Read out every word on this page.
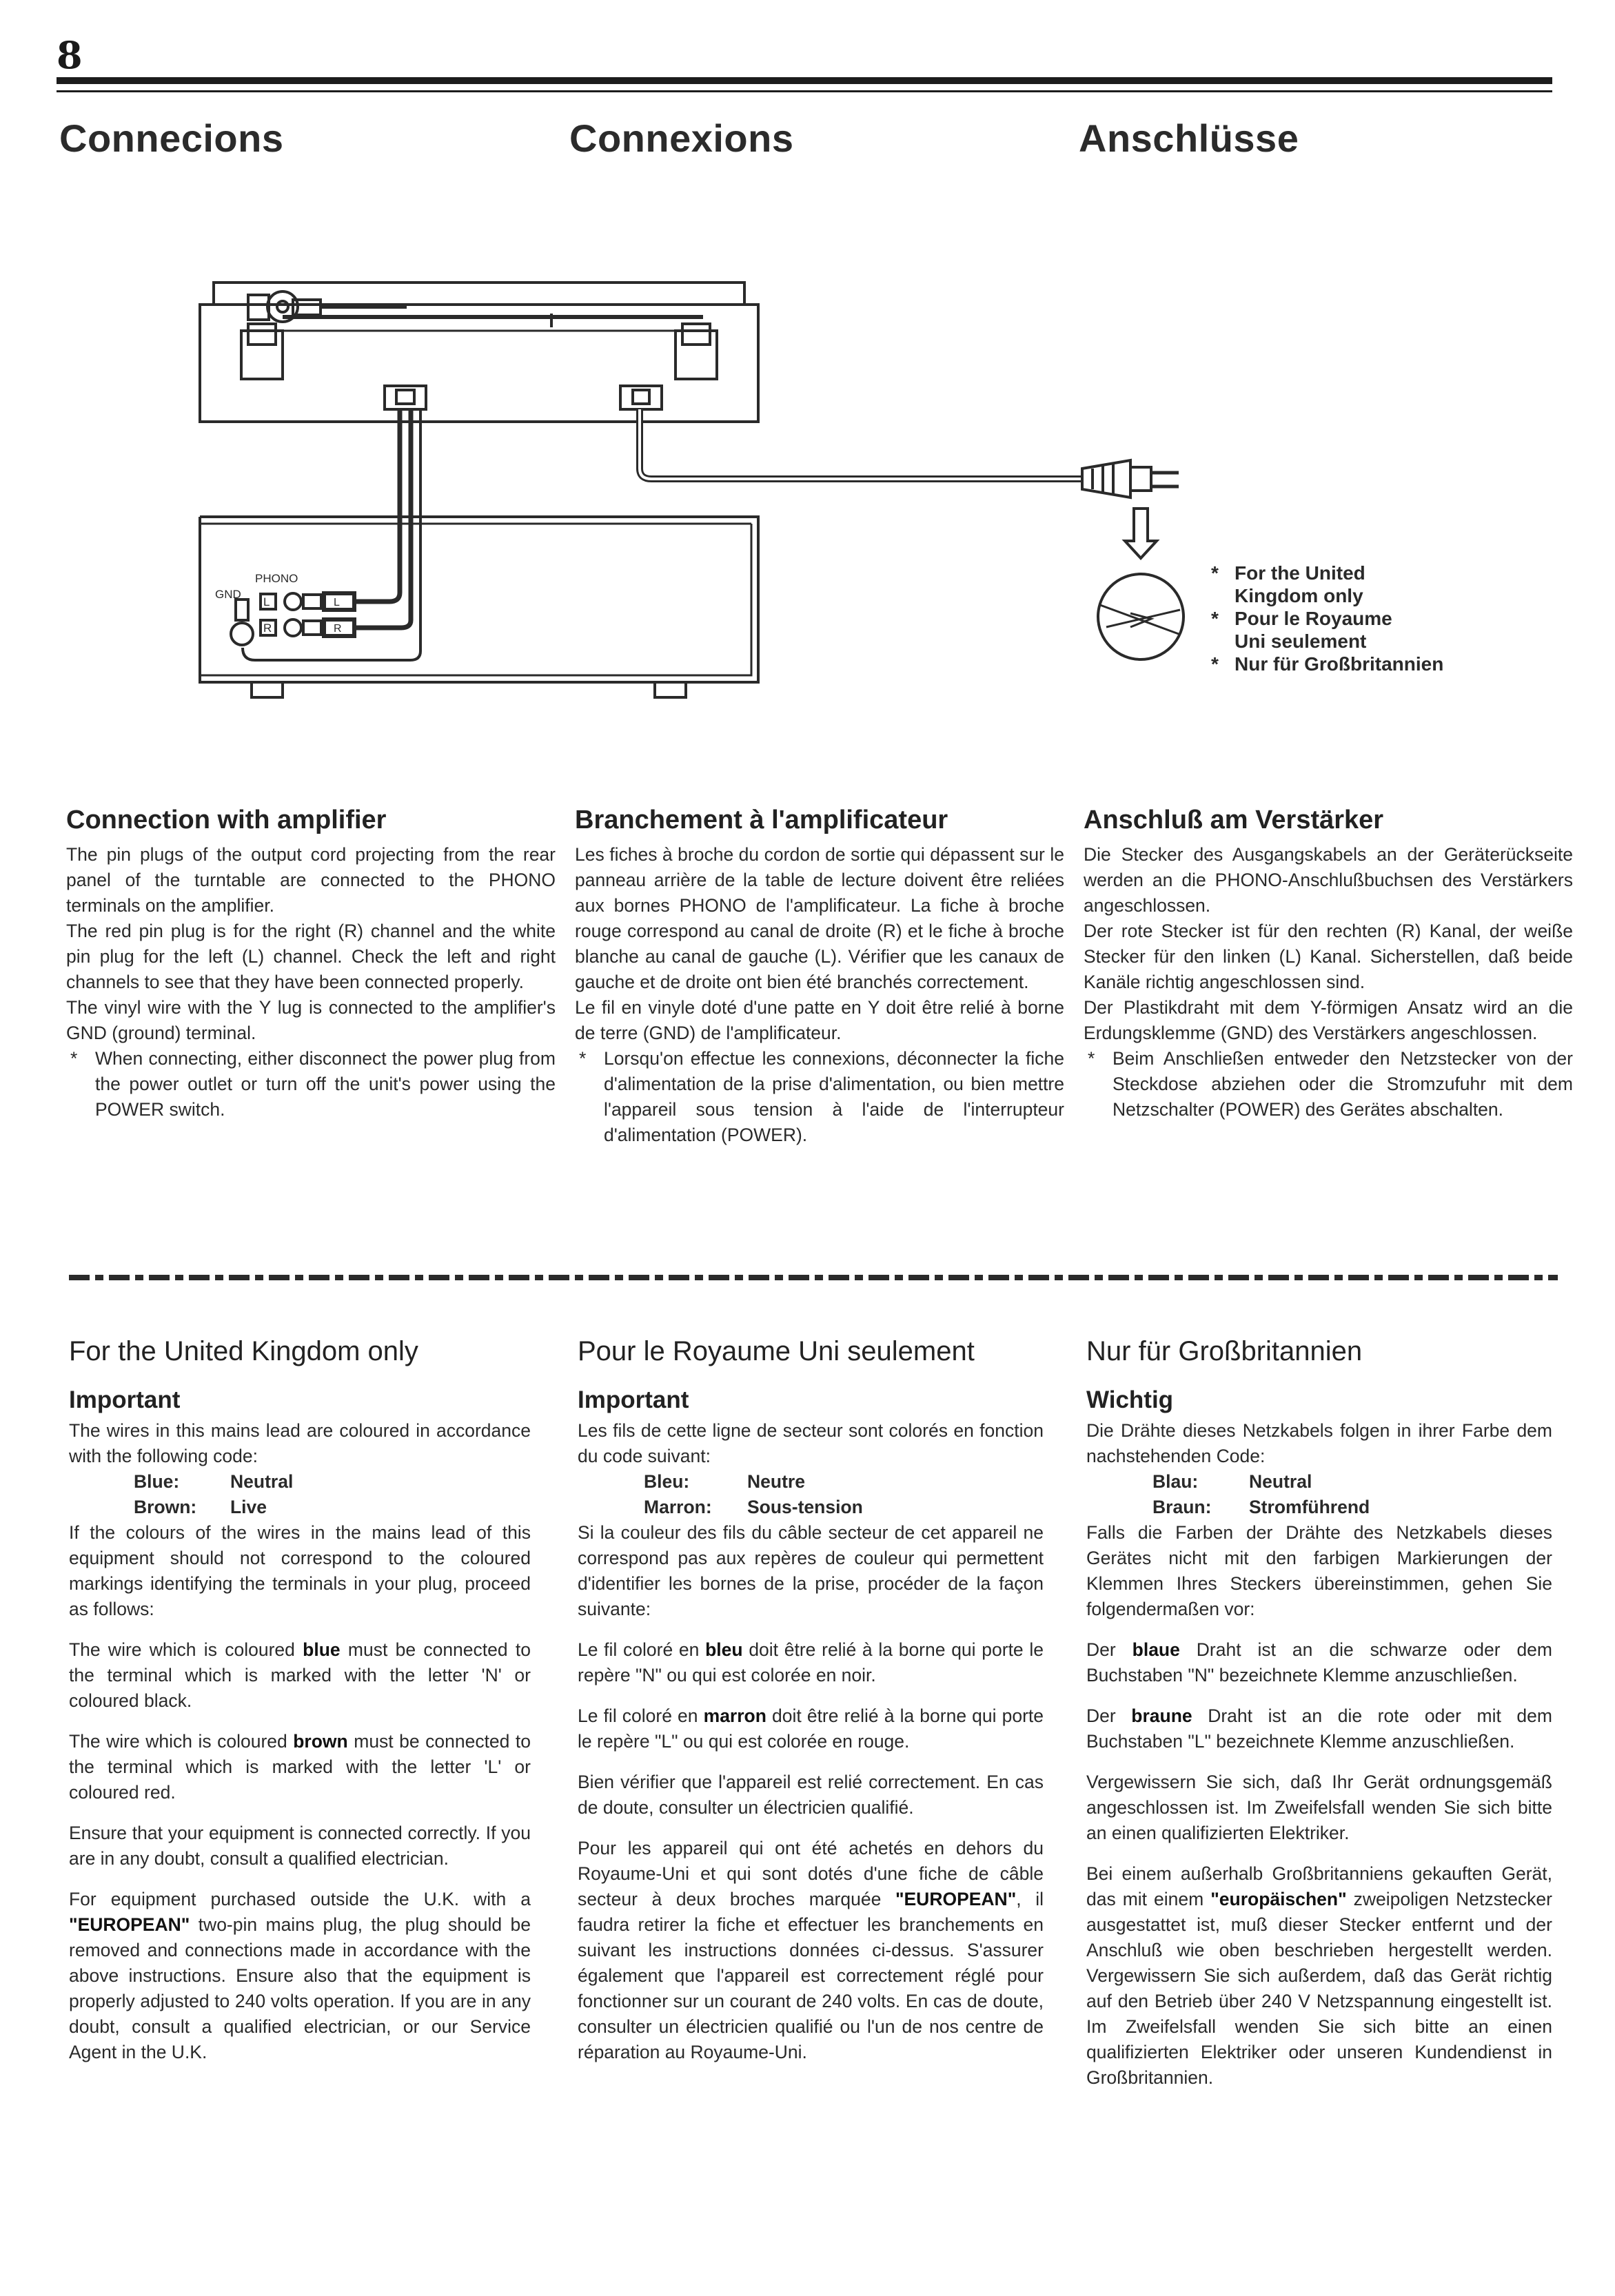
8
Connecions	Connexions	Anschlüsse
PHONO
GND
L
R
L
R
* For the United
Kingdom only
* Pour le Royaume
Uni seulement
* Nur für Großbritannien
Connection with amplifier

The pin plugs of the output cord projecting from the rear panel of the turntable are connected to the PHONO terminals on the amplifier.

The red pin plug is for the right (R) channel and the white pin plug for the left (L) channel. Check the left and right channels to see that they have been connected properly.

The vinyl wire with the Y lug is connected to the amplifier's GND (ground) terminal.

* When connecting, either disconnect the power plug from the power outlet or turn off the unit's power using the POWER switch.
Branchement à l'amplificateur

Les fiches à broche du cordon de sortie qui dépassent sur le panneau arrière de la table de lecture doivent être reliées aux bornes PHONO de l'amplificateur. La fiche à broche rouge correspond au canal de droite (R) et le fiche à broche blanche au canal de gauche (L). Vérifier que les canaux de gauche et de droite ont bien été branchés correctement.

Le fil en vinyle doté d'une patte en Y doit être relié à borne de terre (GND) de l'amplificateur.

* Lorsqu'on effectue les connexions, déconnecter la fiche d'alimentation de la prise d'alimentation, ou bien mettre l'appareil sous tension à l'aide de l'interrupteur d'alimentation (POWER).
Anschluß am Verstärker

Die Stecker des Ausgangskabels an der Geräterückseite werden an die PHONO-Anschlußbuchsen des Verstärkers angeschlossen.

Der rote Stecker ist für den rechten (R) Kanal, der weiße Stecker für den linken (L) Kanal. Sicherstellen, daß beide Kanäle richtig angeschlossen sind.

Der Plastikdraht mit dem Y-förmigen Ansatz wird an die Erdungsklemme (GND) des Verstärkers angeschlossen.

* Beim Anschließen entweder den Netzstecker von der Steckdose abziehen oder die Stromzufuhr mit dem Netzschalter (POWER) des Gerätes abschalten.
For the United Kingdom only
Important

The wires in this mains lead are coloured in accordance with the following code:

Blue:	Neutral

Brown: Live

If the colours of the wires in the mains lead of this equipment should not correspond to the coloured markings identifying the terminals in your plug, proceed as follows:

The wire which is coloured blue must be connected to the terminal which is marked with the letter 'N' or coloured black.

The wire which is coloured brown must be connected to the terminal which is marked with the letter 'L' or coloured red.

Ensure that your equipment is connected correctly. If you are in any doubt, consult a qualified electrician.

For equipment purchased outside the U.K. with a "EUROPEAN" two-pin mains plug, the plug should be removed and connections made in accordance with the above instructions. Ensure also that the equipment is properly adjusted to 240 volts operation. If you are in any doubt, consult a qualified electrician, or our Service Agent in the U.K.

Pour le Royaume Uni seulement
Important

Les fils de cette ligne de secteur sont colorés en fonction du code suivant:

Bleu:	Neutre

Marron: Sous-tension

Si la couleur des fils du câble secteur de cet appareil ne correspond pas aux repères de couleur qui permettent d'identifier les bornes de la prise, procéder de la façon suivante:

Le fil coloré en bleu doit être relié à la borne qui porte le repère "N" ou qui est colorée en noir.

Le fil coloré en marron doit être relié à la borne qui porte le repère "L" ou qui est colorée en rouge.

Bien vérifier que l'appareil est relié correctement. En cas de doute, consulter un électricien qualifié.

Pour les appareil qui ont été achetés en dehors du Royaume-Uni et qui sont dotés d'une fiche de câble secteur à deux broches marquée "EUROPEAN", il faudra retirer la fiche et effectuer les branchements en suivant les instructions données ci-dessus. S'assurer également que l'appareil est correctement réglé pour fonctionner sur un courant de 240 volts. En cas de doute, consulter un électricien qualifié ou l'un de nos centre de réparation au Royaume-Uni.

Nur für Großbritannien
Wichtig

Die Drähte dieses Netzkabels folgen in ihrer Farbe dem nachstehenden Code:

Blau:	Neutral

Braun: Stromführend

Falls die Farben der Drähte des Netzkabels dieses Gerätes nicht mit den farbigen Markierungen der Klemmen Ihres Steckers übereinstimmen, gehen Sie folgendermaßen vor:

Der blaue Draht ist an die schwarze oder dem Buchstaben "N" bezeichnete Klemme anzuschließen.

Der braune Draht ist an die rote oder mit dem Buchstaben "L" bezeichnete Klemme anzuschließen.

Vergewissern Sie sich, daß Ihr Gerät ordnungsgemäß angeschlossen ist. Im Zweifelsfall wenden Sie sich bitte an einen qualifizierten Elektriker.

Bei einem außerhalb Großbritanniens gekauften Gerät, das mit einem "europäischen" zweipoligen Netzstecker ausgestattet ist, muß dieser Stecker entfernt und der Anschluß wie oben beschrieben hergestellt werden. Vergewissern Sie sich außerdem, daß das Gerät richtig auf den Betrieb über 240 V Netzspannung eingestellt ist. Im Zweifelsfall wenden Sie sich bitte an einen qualifizierten Elektriker oder unseren Kundendienst in Großbritannien.
